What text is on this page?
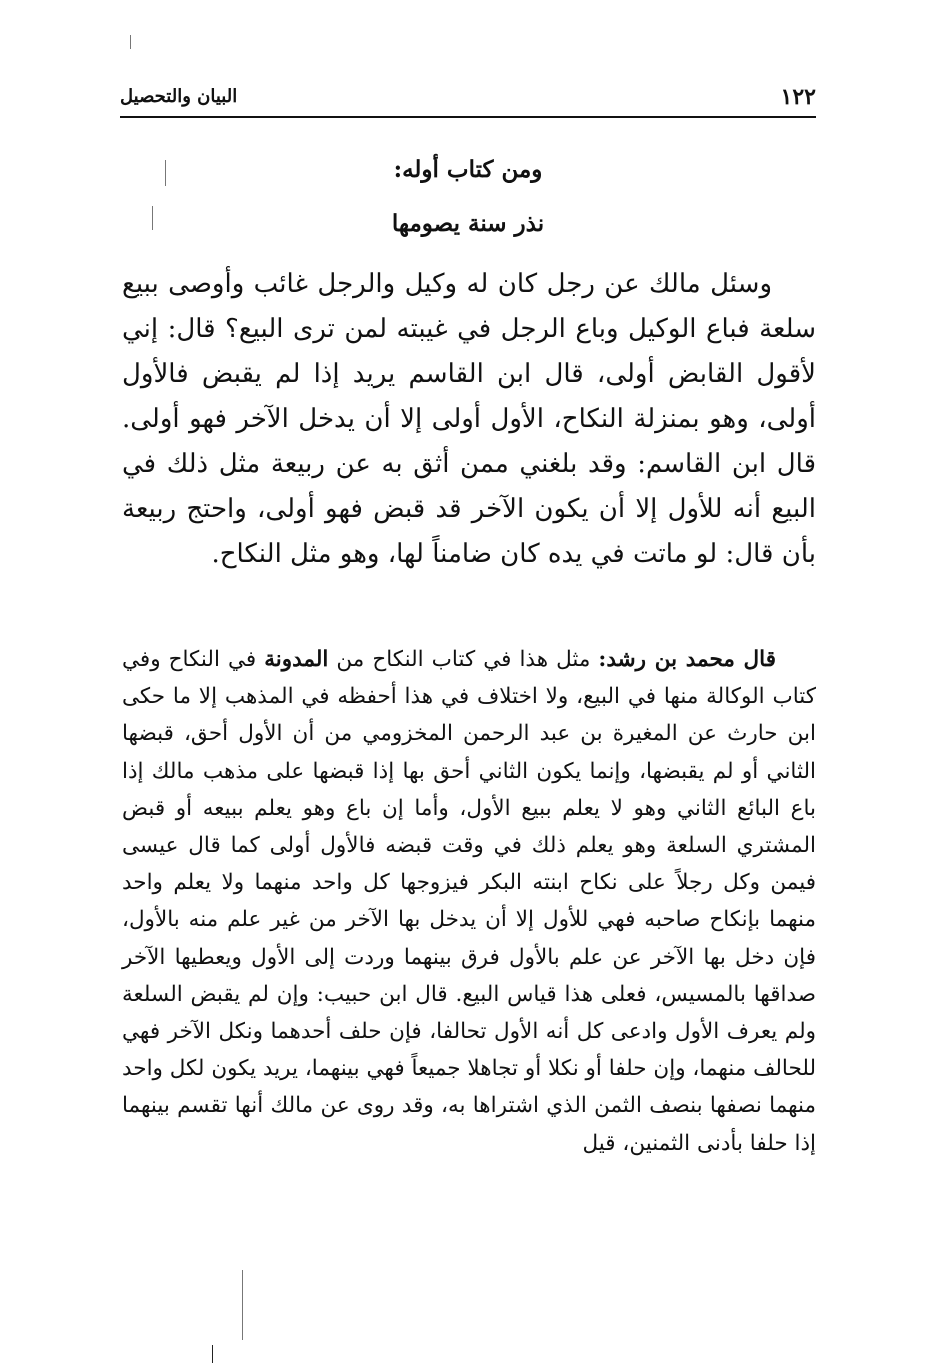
١٢٢
البيان والتحصيل
ومن كتاب أوله:
نذر سنة يصومها

وسئل مالك عن رجل كان له وكيل والرجل غائب وأوصى ببيع سلعة فباع الوكيل وباع الرجل في غيبته لمن ترى البيع؟ قال: إني لأقول القابض أولى، قال ابن القاسم يريد إذا لم يقبض فالأول أولى، وهو بمنزلة النكاح، الأول أولى إلا أن يدخل الآخر فهو أولى. قال ابن القاسم: وقد بلغني ممن أثق به عن ربيعة مثل ذلك في البيع أنه للأول إلا أن يكون الآخر قد قبض فهو أولى، واحتج ربيعة بأن قال: لو ماتت في يده كان ضامناً لها، وهو مثل النكاح.

قال محمد بن رشد: مثل هذا في كتاب النكاح من المدونة في النكاح وفي كتاب الوكالة منها في البيع، ولا اختلاف في هذا أحفظه في المذهب إلا ما حكى ابن حارث عن المغيرة بن عبد الرحمن المخزومي من أن الأول أحق، قبضها الثاني أو لم يقبضها، وإنما يكون الثاني أحق بها إذا قبضها على مذهب مالك إذا باع البائع الثاني وهو لا يعلم ببيع الأول، وأما إن باع وهو يعلم ببيعه أو قبض المشتري السلعة وهو يعلم ذلك في وقت قبضه فالأول أولى كما قال عيسى فيمن وكل رجلاً على نكاح ابنته البكر فيزوجها كل واحد منهما ولا يعلم واحد منهما بإنكاح صاحبه فهي للأول إلا أن يدخل بها الآخر من غير علم منه بالأول، فإن دخل بها الآخر عن علم بالأول فرق بينهما وردت إلى الأول ويعطيها الآخر صداقها بالمسيس، فعلى هذا قياس البيع. قال ابن حبيب: وإن لم يقبض السلعة ولم يعرف الأول وادعى كل أنه الأول تحالفا، فإن حلف أحدهما ونكل الآخر فهي للحالف منهما، وإن حلفا أو نكلا أو تجاهلا جميعاً فهي بينهما، يريد يكون لكل واحد منهما نصفها بنصف الثمن الذي اشتراها به، وقد روى عن مالك أنها تقسم بينهما إذا حلفا بأدنى الثمنين، قيل
